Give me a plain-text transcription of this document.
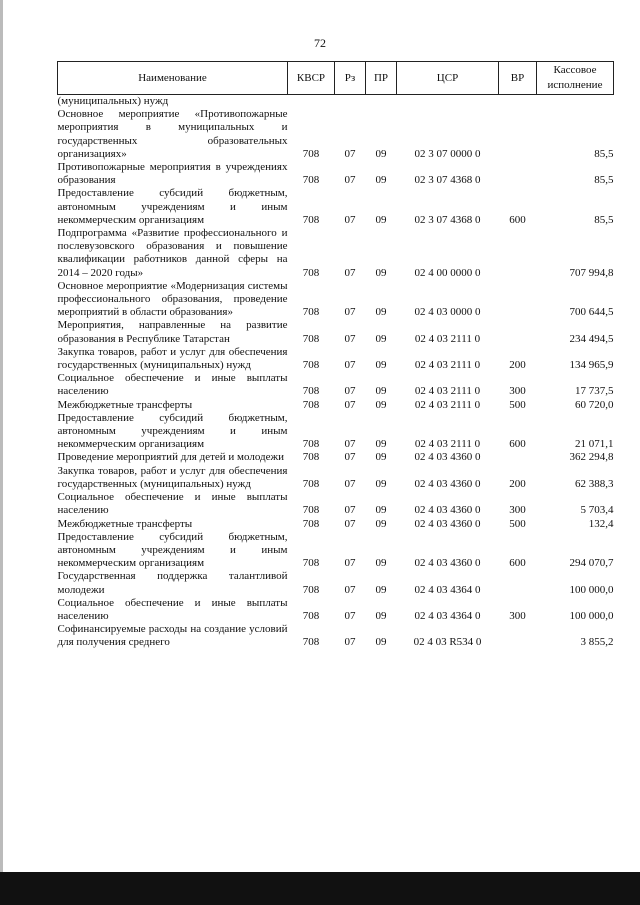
72
Наименование	КВСР	Рз	ПР	ЦСР	ВР	Кассовое исполнение
(муниципальных) нужд						
Основное мероприятие «Противопожарные мероприятия в муниципальных и государственных образовательных организациях»	708	07	09	02 3 07 0000 0		85,5
Противопожарные мероприятия в учреждениях образования	708	07	09	02 3 07 4368 0		85,5
Предоставление субсидий бюджетным, автономным учреждениям и иным некоммерческим организациям	708	07	09	02 3 07 4368 0	600	85,5
Подпрограмма «Развитие профессионального и послевузовского образования и повышение квалификации работников данной сферы на 2014 – 2020 годы»	708	07	09	02 4 00 0000 0		707 994,8
Основное мероприятие «Модернизация системы профессионального образования, проведение мероприятий в области образования»	708	07	09	02 4 03 0000 0		700 644,5
Мероприятия, направленные на развитие образования в Республике Татарстан	708	07	09	02 4 03 2111 0		234 494,5
Закупка товаров, работ и услуг для обеспечения государственных (муниципальных) нужд	708	07	09	02 4 03 2111 0	200	134 965,9
Социальное обеспечение и иные выплаты населению	708	07	09	02 4 03 2111 0	300	17 737,5
Межбюджетные трансферты	708	07	09	02 4 03 2111 0	500	60 720,0
Предоставление субсидий бюджетным, автономным учреждениям и иным некоммерческим организациям	708	07	09	02 4 03 2111 0	600	21 071,1
Проведение мероприятий для детей и молодежи	708	07	09	02 4 03 4360 0		362 294,8
Закупка товаров, работ и услуг для обеспечения государственных (муниципальных) нужд	708	07	09	02 4 03 4360 0	200	62 388,3
Социальное обеспечение и иные выплаты населению	708	07	09	02 4 03 4360 0	300	5 703,4
Межбюджетные трансферты	708	07	09	02 4 03 4360 0	500	132,4
Предоставление субсидий бюджетным, автономным учреждениям и иным некоммерческим организациям	708	07	09	02 4 03 4360 0	600	294 070,7
Государственная поддержка талантливой молодежи	708	07	09	02 4 03 4364 0		100 000,0
Социальное обеспечение и иные выплаты населению	708	07	09	02 4 03 4364 0	300	100 000,0
Софинансируемые расходы на создание условий для получения среднего	708	07	09	02 4 03 R534 0		3 855,2
